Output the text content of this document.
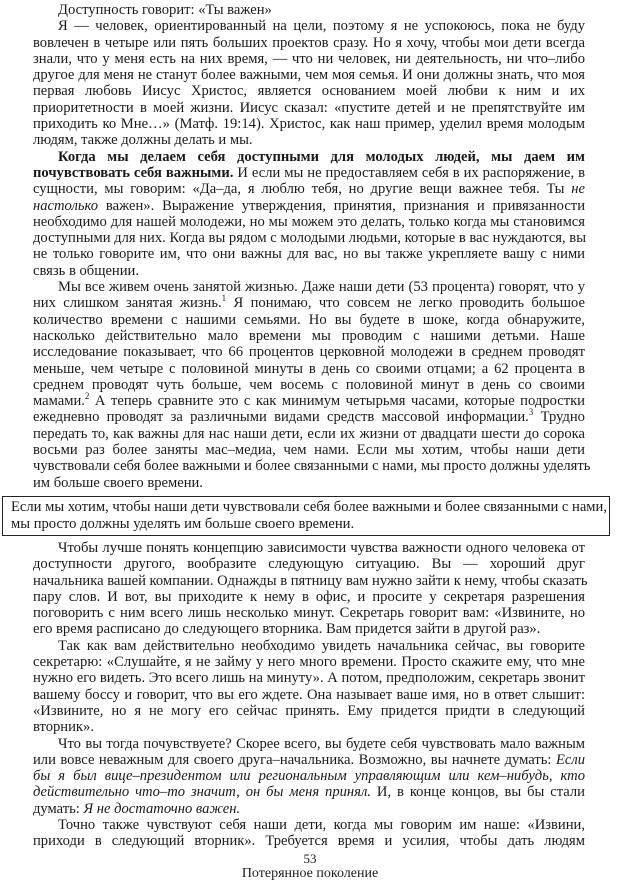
Доступность говорит: «Ты важен»
Я — человек, ориентированный на цели, поэтому я не успокоюсь, пока не буду
вовлечен в четыре или пять больших проектов сразу. Но я хочу, чтобы мои дети всегда
знали, что у меня есть на них время, — что ни человек, ни деятельность, ни что–либо
другое для меня не станут более важными, чем моя семья. И они должны знать, что моя
первая любовь Иисус Христос, является основанием моей любви к ним и их
приоритетности в моей жизни. Иисус сказал: «пустите детей и не препятствуйте им
приходить ко Мне…» (Матф. 19:14). Христос, как наш пример, уделил время молодым
людям, также должны делать и мы.
Когда мы делаем себя доступными для молодых людей, мы даем им
почувствовать себя важными. И если мы не предоставляем себя в их распоряжение, в
сущности, мы говорим: «Да–да, я люблю тебя, но другие вещи важнее тебя. Ты не
настолько важен». Выражение утверждения, принятия, признания и привязанности
необходимо для нашей молодежи, но мы можем это делать, только когда мы становимся
доступными для них. Когда вы рядом с молодыми людьми, которые в вас нуждаются, вы
не только говорите им, что они важны для вас, но вы также укрепляете вашу с ними
связь в общении.
Мы все живем очень занятой жизнью. Даже наши дети (53 процента) говорят, что у
них слишком занятая жизнь.$^1$ Я понимаю, что совсем не легко проводить большое
количество времени с нашими семьями. Но вы будете в шоке, когда обнаружите,
насколько действительно мало времени мы проводим с нашими детьми. Наше
исследование показывает, что 66 процентов церковной молодежи в среднем проводят
меньше, чем четыре с половиной минуты в день со своими отцами; а 62 процента в
среднем проводят чуть больше, чем восемь с половиной минут в день со своими
мамами.$^2$ А теперь сравните это с как минимум четырьмя часами, которые подростки
ежедневно проводят за различными видами средств массовой информации.$^3$ Трудно
передать то, как важны для нас наши дети, если их жизни от двадцати шести до сорока
восьми раз более заняты мас–медиа, чем нами. Если мы хотим, чтобы наши дети
чувствовали себя более важными и более связанными с нами, мы просто должны уделять
им больше своего времени.
Если мы хотим, чтобы наши дети чувствовали себя более важными и более связанными с нами,
мы просто должны уделять им больше своего времени.
Чтобы лучше понять концепцию зависимости чувства важности одного человека от
доступности другого, вообразите следующую ситуацию. Вы — хороший друг
начальника вашей компании. Однажды в пятницу вам нужно зайти к нему, чтобы сказать
пару слов. И вот, вы приходите к нему в офис, и просите у секретаря разрешения
поговорить с ним всего лишь несколько минут. Секретарь говорит вам: «Извините, но
его время расписано до следующего вторника. Вам придется зайти в другой раз».
Так как вам действительно необходимо увидеть начальника сейчас, вы говорите
секретарю: «Слушайте, я не займу у него много времени. Просто скажите ему, что мне
нужно его видеть. Это всего лишь на минуту». А потом, предположим, секретарь звонит
вашему боссу и говорит, что вы его ждете. Она называет ваше имя, но в ответ слышит:
«Извините, но я не могу его сейчас принять. Ему придется придти в следующий
вторник».
Что вы тогда почувствуете? Скорее всего, вы будете себя чувствовать мало важным
или вовсе неважным для своего друга–начальника. Возможно, вы начнете думать: Если
бы я был вице–президентом или региональным управляющим или кем–нибудь, кто
действительно что–то значит, он бы меня принял. И, в конце концов, вы бы стали
думать: Я не достаточно важен.
Точно также чувствуют себя наши дети, когда мы говорим им наше: «Извини,
приходи в следующий вторник». Требуется время и усилия, чтобы дать людям
53
Потерянное поколение
